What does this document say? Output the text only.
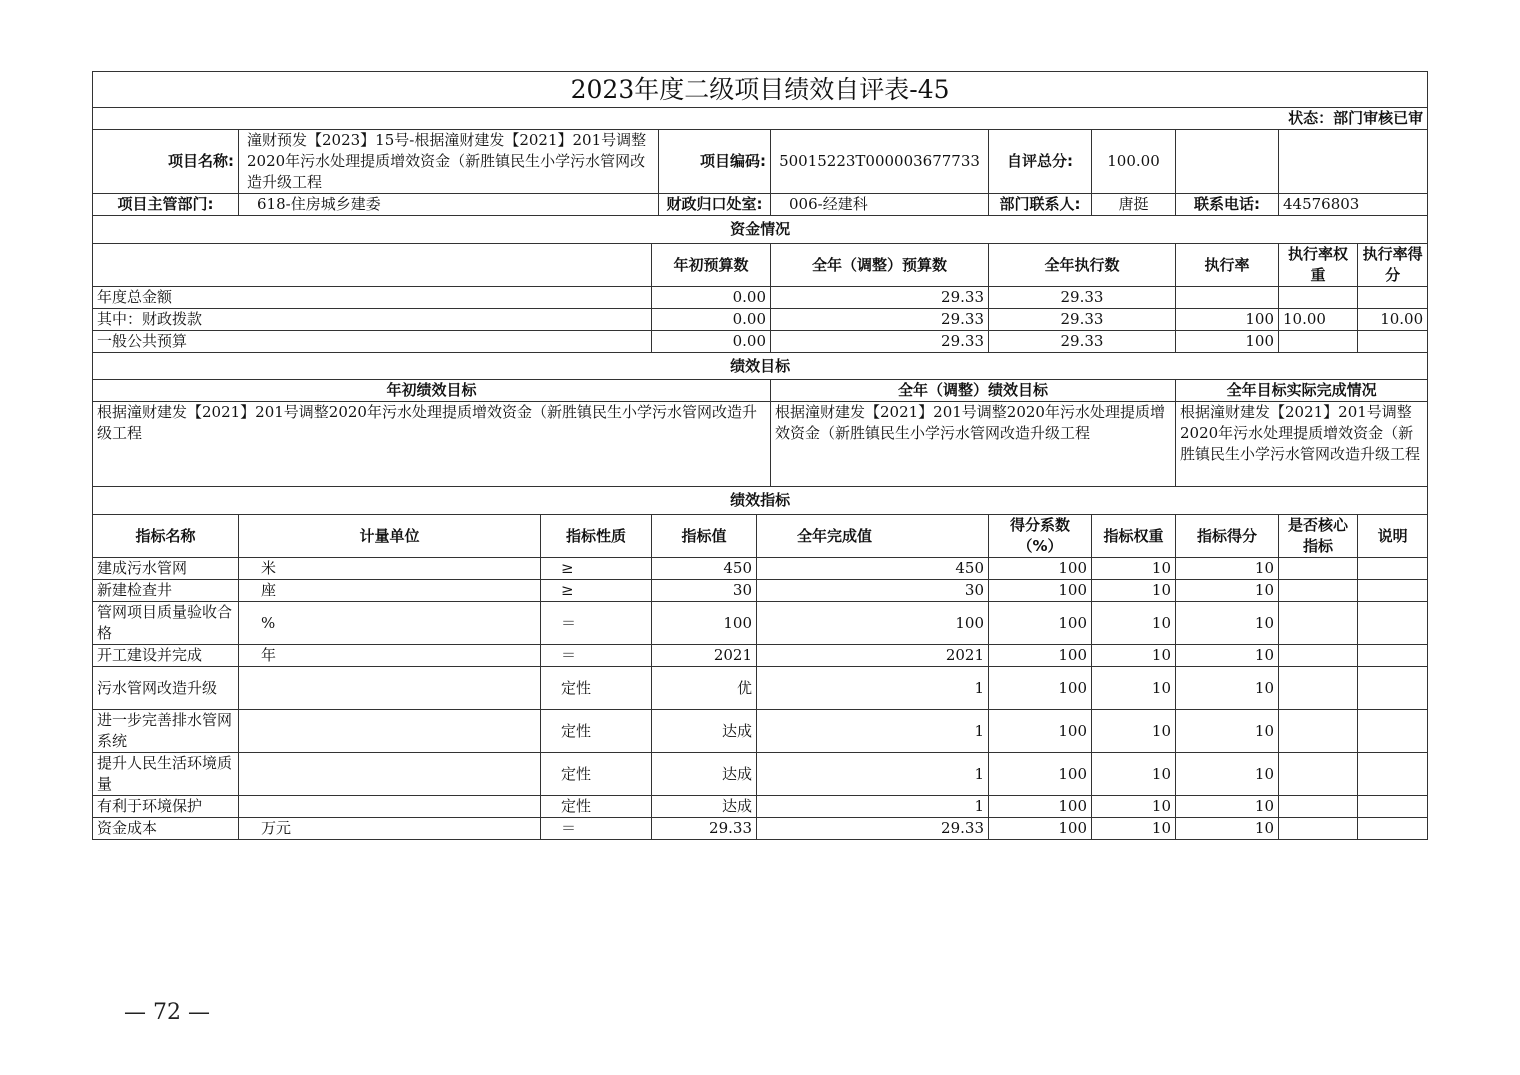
2023年度二级项目绩效自评表-45											
状态：部门审核已审											
项目名称:	潼财预发【2023】15号-根据潼财建发【2021】201号调整2020年污水处理提质增效资金（新胜镇民生小学污水管网改造升级工程			项目编码:		50015223T000003677733	自评总分:	100.00			
项目主管部门:	618-住房城乡建委			财政归口处室:		006-经建科	部门联系人:	唐挺	联系电话:	44576803	
资金情况											
			年初预算数			全年（调整）预算数	全年执行数		执行率	执行率权重	执行率得分
年度总金额			0.00			29.33	29.33				
其中：财政拨款			0.00			29.33	29.33		100	10.00	10.00
一般公共预算			0.00			29.33	29.33		100		
绩效目标											
年初绩效目标						全年（调整）绩效目标			全年目标实际完成情况		
根据潼财建发【2021】201号调整2020年污水处理提质增效资金（新胜镇民生小学污水管网改造升级工程						根据潼财建发【2021】201号调整2020年污水处理提质增效资金（新胜镇民生小学污水管网改造升级工程			根据潼财建发【2021】201号调整2020年污水处理提质增效资金（新胜镇民生小学污水管网改造升级工程		
绩效指标											
指标名称	计量单位	指标性质	指标值		全年完成值		得分系数（%）	指标权重	指标得分	是否核心指标	说明
建成污水管网	米	≥	450		450		100	10	10		
新建检查井	座	≥	30		30		100	10	10		
管网项目质量验收合格	%	＝	100		100		100	10	10		
开工建设并完成	年	＝	2021		2021		100	10	10		
污水管网改造升级		定性	优		1		100	10	10		
进一步完善排水管网系统		定性	达成		1		100	10	10		
提升人民生活环境质量		定性	达成		1		100	10	10		
有利于环境保护		定性	达成		1		100	10	10		
资金成本	万元	＝	29.33		29.33		100	10	10		
— 72 —
